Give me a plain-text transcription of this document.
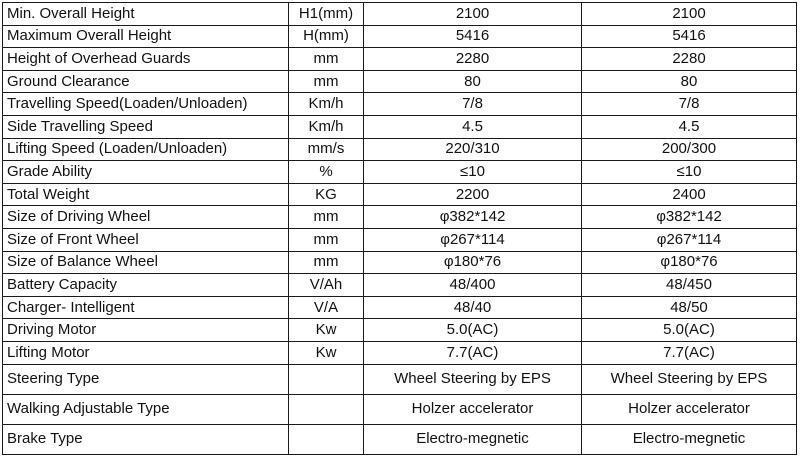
Min. Overall Height	H1(mm)	2100	2100
Maximum Overall Height	H(mm)	5416	5416
Height of Overhead Guards	mm	2280	2280
Ground Clearance	mm	80	80
Travelling Speed(Loaden/Unloaden)	Km/h	7/8	7/8
Side Travelling Speed	Km/h	4.5	4.5
Lifting Speed (Loaden/Unloaden)	mm/s	220/310	200/300
Grade Ability	%	≤10	≤10
Total Weight	KG	2200	2400
Size of Driving Wheel	mm	φ382*142	φ382*142
Size of Front Wheel	mm	φ267*114	φ267*114
Size of Balance Wheel	mm	φ180*76	φ180*76
Battery Capacity	V/Ah	48/400	48/450
Charger- Intelligent	V/A	48/40	48/50
Driving Motor	Kw	5.0(AC)	5.0(AC)
Lifting Motor	Kw	7.7(AC)	7.7(AC)
Steering Type		Wheel Steering by EPS	Wheel Steering by EPS
Walking Adjustable Type		Holzer accelerator	Holzer accelerator
Brake Type		Electro-megnetic	Electro-megnetic
